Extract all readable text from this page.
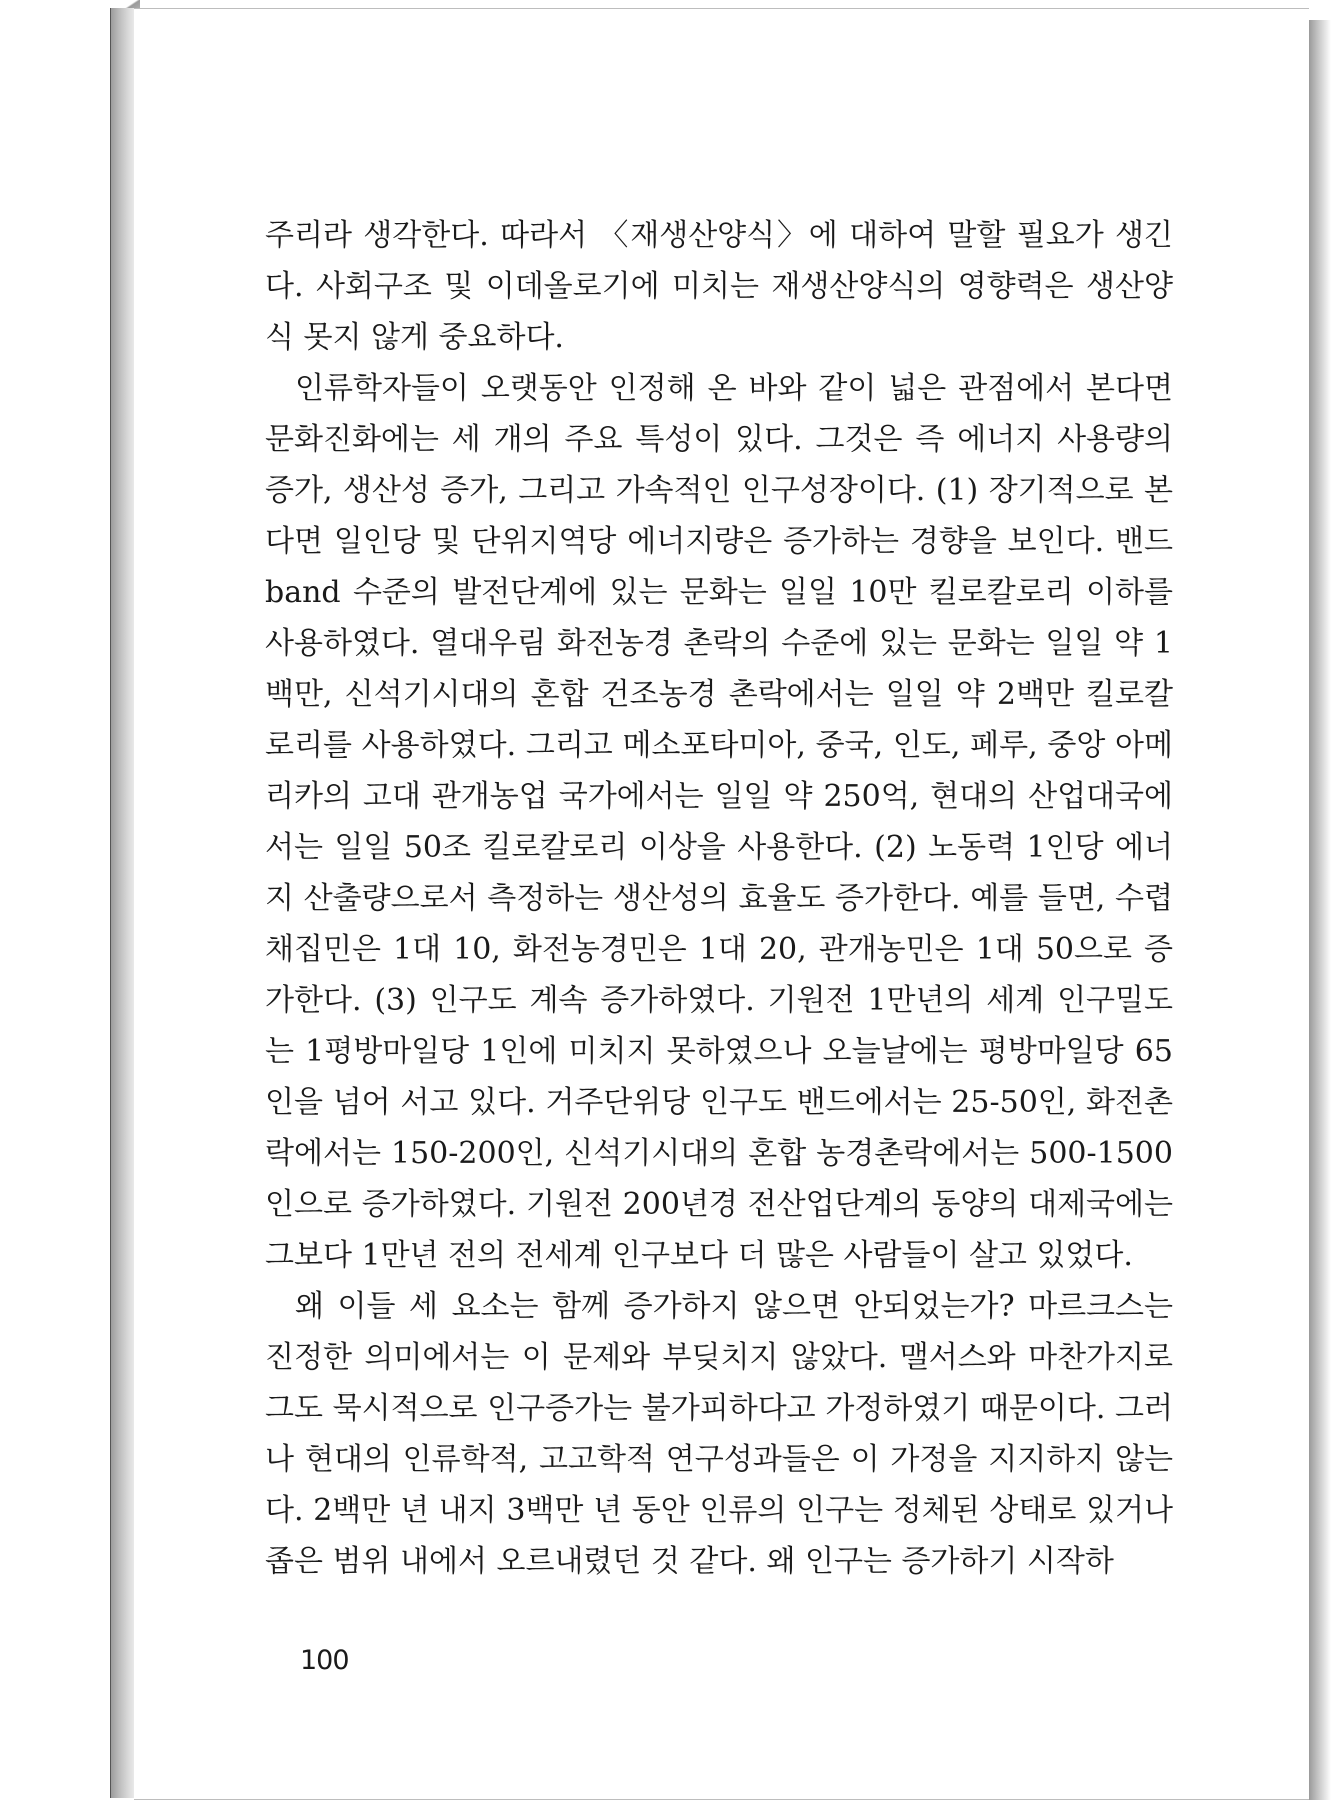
주리라 생각한다. 따라서 〈재생산양식〉에 대하여 말할 필요가 생긴다. 사회구조 및 이데올로기에 미치는 재생산양식의 영향력은 생산양식 못지 않게 중요하다.

인류학자들이 오랫동안 인정해 온 바와 같이 넓은 관점에서 본다면 문화진화에는 세 개의 주요 특성이 있다. 그것은 즉 에너지 사용량의 증가, 생산성 증가, 그리고 가속적인 인구성장이다. (1) 장기적으로 본다면 일인당 및 단위지역당 에너지량은 증가하는 경향을 보인다. 밴드band 수준의 발전단계에 있는 문화는 일일 10만 킬로칼로리 이하를 사용하였다. 열대우림 화전농경 촌락의 수준에 있는 문화는 일일 약 1백만, 신석기시대의 혼합 건조농경 촌락에서는 일일 약 2백만 킬로칼로리를 사용하였다. 그리고 메소포타미아, 중국, 인도, 페루, 중앙 아메리카의 고대 관개농업 국가에서는 일일 약 250억, 현대의 산업대국에서는 일일 50조 킬로칼로리 이상을 사용한다. (2) 노동력 1인당 에너지 산출량으로서 측정하는 생산성의 효율도 증가한다. 예를 들면, 수렵채집민은 1대 10, 화전농경민은 1대 20, 관개농민은 1대 50으로 증가한다. (3) 인구도 계속 증가하였다. 기원전 1만년의 세계 인구밀도는 1평방마일당 1인에 미치지 못하였으나 오늘날에는 평방마일당 65인을 넘어 서고 있다. 거주단위당 인구도 밴드에서는 25-50인, 화전촌락에서는 150-200인, 신석기시대의 혼합 농경촌락에서는 500-1500인으로 증가하였다. 기원전 200년경 전산업단계의 동양의 대제국에는 그보다 1만년 전의 전세계 인구보다 더 많은 사람들이 살고 있었다.

왜 이들 세 요소는 함께 증가하지 않으면 안되었는가? 마르크스는 진정한 의미에서는 이 문제와 부딪치지 않았다. 맬서스와 마찬가지로 그도 묵시적으로 인구증가는 불가피하다고 가정하였기 때문이다. 그러나 현대의 인류학적, 고고학적 연구성과들은 이 가정을 지지하지 않는다. 2백만 년 내지 3백만 년 동안 인류의 인구는 정체된 상태로 있거나 좁은 범위 내에서 오르내렸던 것 같다. 왜 인구는 증가하기 시작하

100
